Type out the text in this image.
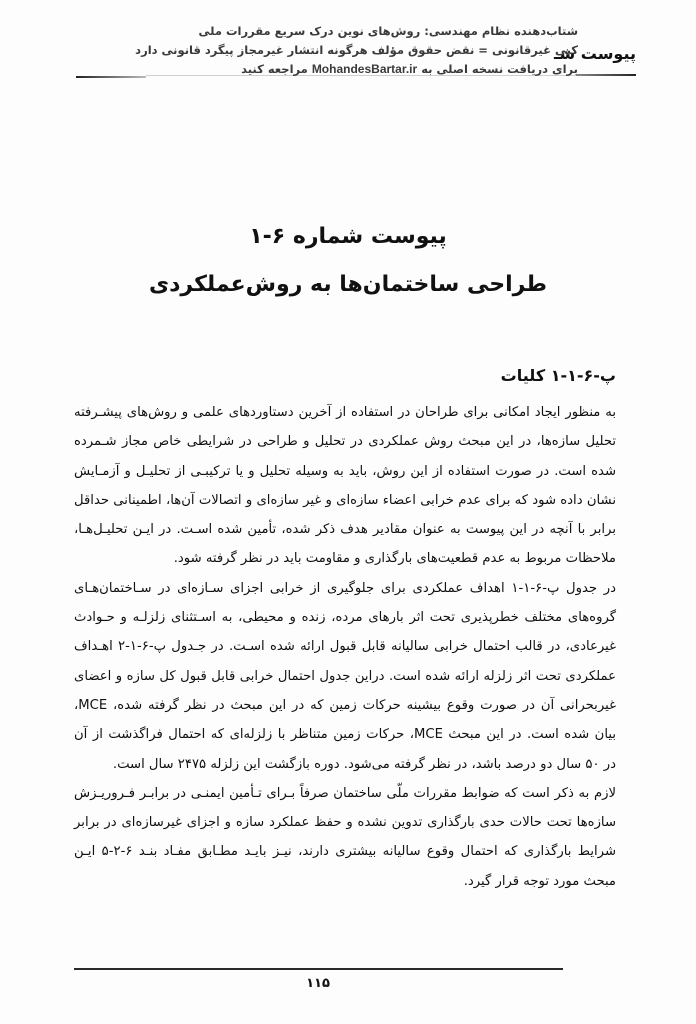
پیوست شـ
شتاب‌دهنده نظام مهندسی: روش‌های نوین درک سریع مقررات ملی
کپی غیرقانونی = نقض حقوق مؤلف هرگونه انتشار غیرمجاز پیگرد قانونی دارد
برای دریافت نسخه اصلی به MohandesBartar.ir مراجعه کنید
پیوست شماره ۶-۱
طراحی ساختمان‌ها به روش‌عملکردی
پ-۶-۱-۱ کلیات

به منظور ایجاد امکانی برای طراحان در استفاده از آخرین دستاوردهای علمی و روش‌های پیشـرفته
تحلیل سازه‌ها، در این مبحث روش عملکردی در تحلیل و طراحی در شرایطی خاص مجاز شـمرده
شده است. در صورت استفاده از این روش، باید به وسیله تحلیل و یا ترکیبـی از تحلیـل و آزمـایش
نشان داده شود که برای عدم خرابی اعضاء سازه‌ای و غیر سازه‌ای و اتصالات آن‌ها، اطمینانی حداقل
برابر با آنچه در این پیوست به عنوان مقادیر هدف ذکر شده، تأمین شده اسـت. در ایـن تحلیـل‌هـا،
ملاحظات مربوط به عدم قطعیت‌های بارگذاری و مقاومت باید در نظر گرفته شود.

در جدول پ-۶-۱-۱ اهداف عملکردی برای جلوگیری از خرابی اجزای سـازه‌ای در سـاختمان‌هـای
گروه‌های مختلف خطرپذیری تحت اثر بارهای مرده، زنده و محیطی، به اسـتثنای زلزلـه و حـوادث
غیرعادی، در قالب احتمال خرابی سالیانه قابل قبول ارائه شده اسـت. در جـدول پ-۶-۱-۲ اهـداف
عملکردی تحت اثر زلزله ارائه شده است. دراین جدول احتمال خرابی قابل قبول کل سازه و اعضای
غیربحرانی آن در صورت وقوع بیشینه حرکات زمین که در این مبحث در نظر گرفته شده، MCE،
بیان شده است. در این مبحث MCE، حرکات زمین متناظر با زلزله‌ای که احتمال فراگذشت از آن
در ۵۰ سال دو درصد باشد، در نظر گرفته می‌شود. دوره بازگشت این زلزله ۲۴۷۵ سال است.

لازم به ذکر است که ضوابط مقررات ملّی ساختمان صرفاً بـرای تـأمین ایمنـی در برابـر فـروریـزش
سازه‌ها تحت حالات حدی بارگذاری تدوین نشده و حفظ عملکرد سازه و اجزای غیرسازه‌ای در برابر
شرایط بارگذاری که احتمال وقوع سالیانه بیشتری دارند، نیـز بایـد مطـابق مفـاد بنـد ۶-۲-۵ ایـن
مبحث مورد توجه قرار گیرد.

۱۱۵
